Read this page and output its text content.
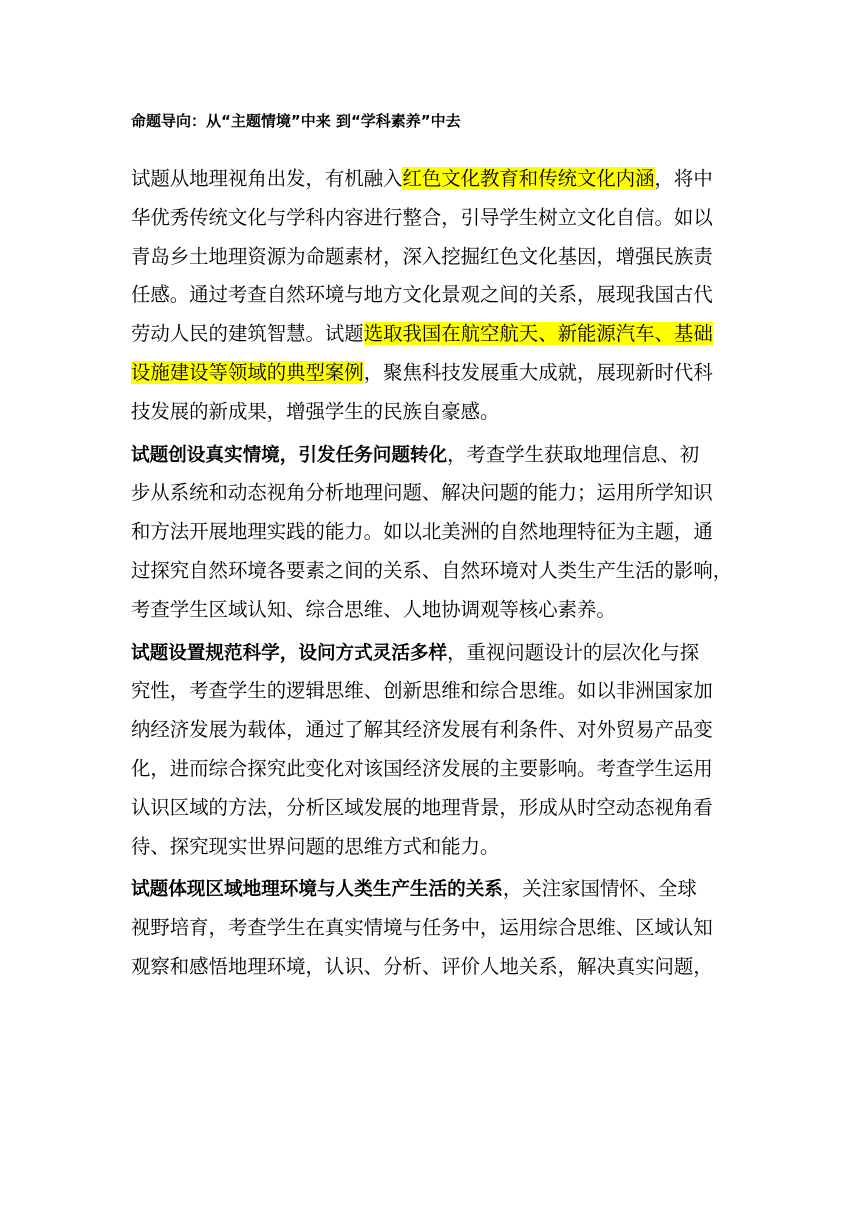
命题导向：从“主题情境”中来 到“学科素养”中去
试题从地理视角出发，有机融入红色文化教育和传统文化内涵，将中
华优秀传统文化与学科内容进行整合，引导学生树立文化自信。如以
青岛乡土地理资源为命题素材，深入挖掘红色文化基因，增强民族责
任感。通过考查自然环境与地方文化景观之间的关系，展现我国古代
劳动人民的建筑智慧。试题选取我国在航空航天、新能源汽车、基础
设施建设等领域的典型案例，聚焦科技发展重大成就，展现新时代科
技发展的新成果，增强学生的民族自豪感。
试题创设真实情境，引发任务问题转化，考查学生获取地理信息、初
步从系统和动态视角分析地理问题、解决问题的能力；运用所学知识
和方法开展地理实践的能力。如以北美洲的自然地理特征为主题，通
过探究自然环境各要素之间的关系、自然环境对人类生产生活的影响，
考查学生区域认知、综合思维、人地协调观等核心素养。
试题设置规范科学，设问方式灵活多样，重视问题设计的层次化与探
究性，考查学生的逻辑思维、创新思维和综合思维。如以非洲国家加
纳经济发展为载体，通过了解其经济发展有利条件、对外贸易产品变
化，进而综合探究此变化对该国经济发展的主要影响。考查学生运用
认识区域的方法，分析区域发展的地理背景，形成从时空动态视角看
待、探究现实世界问题的思维方式和能力。
试题体现区域地理环境与人类生产生活的关系，关注家国情怀、全球
视野培育，考查学生在真实情境与任务中，运用综合思维、区域认知
观察和感悟地理环境，认识、分析、评价人地关系，解决真实问题，
